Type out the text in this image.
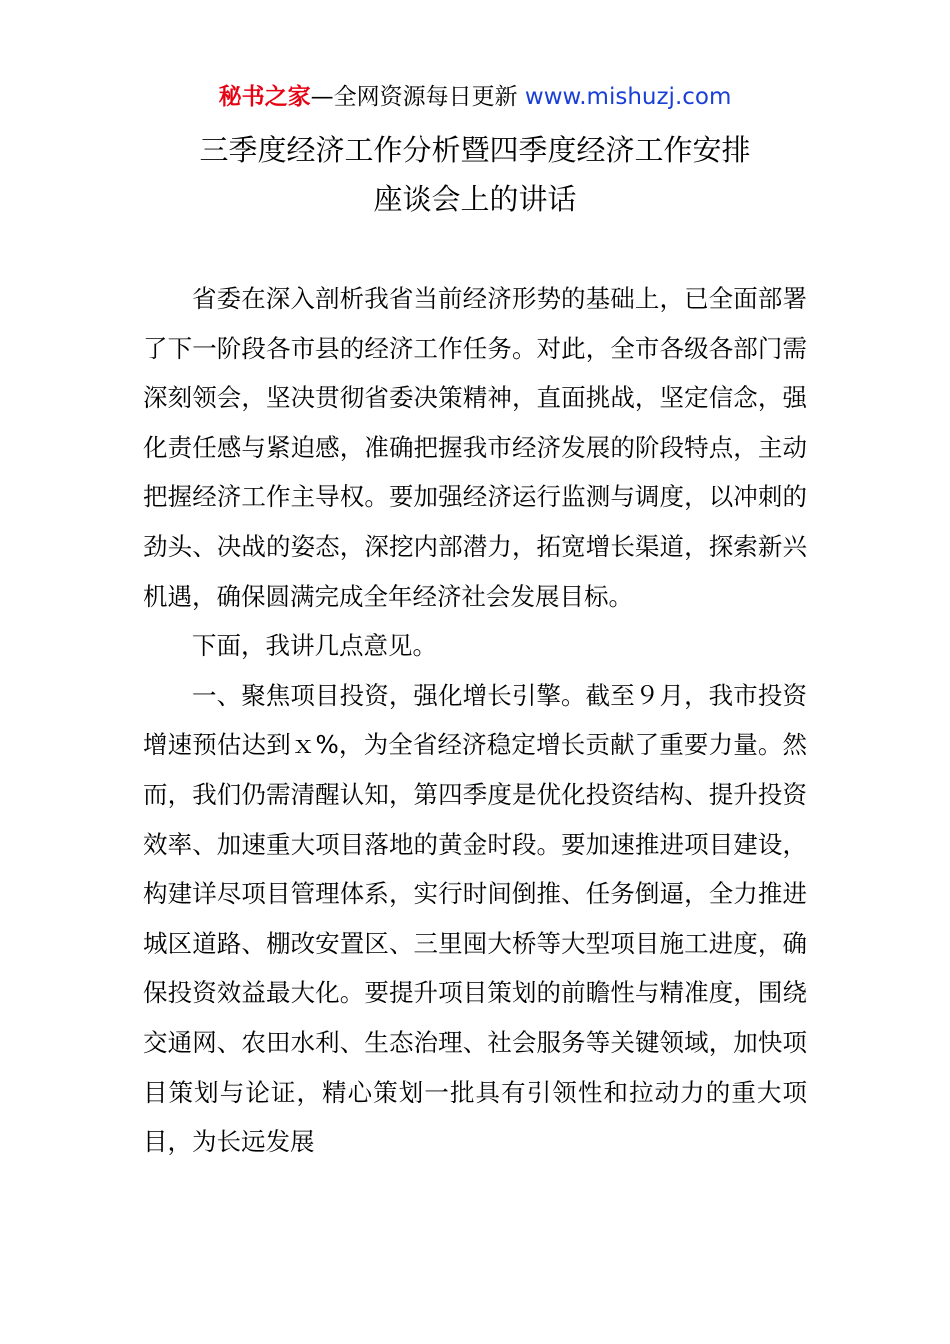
秘书之家—全网资源每日更新 www.mishuzj.com
三季度经济工作分析暨四季度经济工作安排
座谈会上的讲话

省委在深入剖析我省当前经济形势的基础上，已全面部署了下一阶段各市县的经济工作任务。对此，全市各级各部门需深刻领会，坚决贯彻省委决策精神，直面挑战，坚定信念，强化责任感与紧迫感，准确把握我市经济发展的阶段特点，主动把握经济工作主导权。要加强经济运行监测与调度，以冲刺的劲头、决战的姿态，深挖内部潜力，拓宽增长渠道，探索新兴机遇，确保圆满完成全年经济社会发展目标。

下面，我讲几点意见。

一、聚焦项目投资，强化增长引擎。截至９月，我市投资增速预估达到ｘ%，为全省经济稳定增长贡献了重要力量。然而，我们仍需清醒认知，第四季度是优化投资结构、提升投资效率、加速重大项目落地的黄金时段。要加速推进项目建设，构建详尽项目管理体系，实行时间倒推、任务倒逼，全力推进城区道路、棚改安置区、三里囤大桥等大型项目施工进度，确保投资效益最大化。要提升项目策划的前瞻性与精准度，围绕交通网、农田水利、生态治理、社会服务等关键领域，加快项目策划与论证，精心策划一批具有引领性和拉动力的重大项目，为长远发展
